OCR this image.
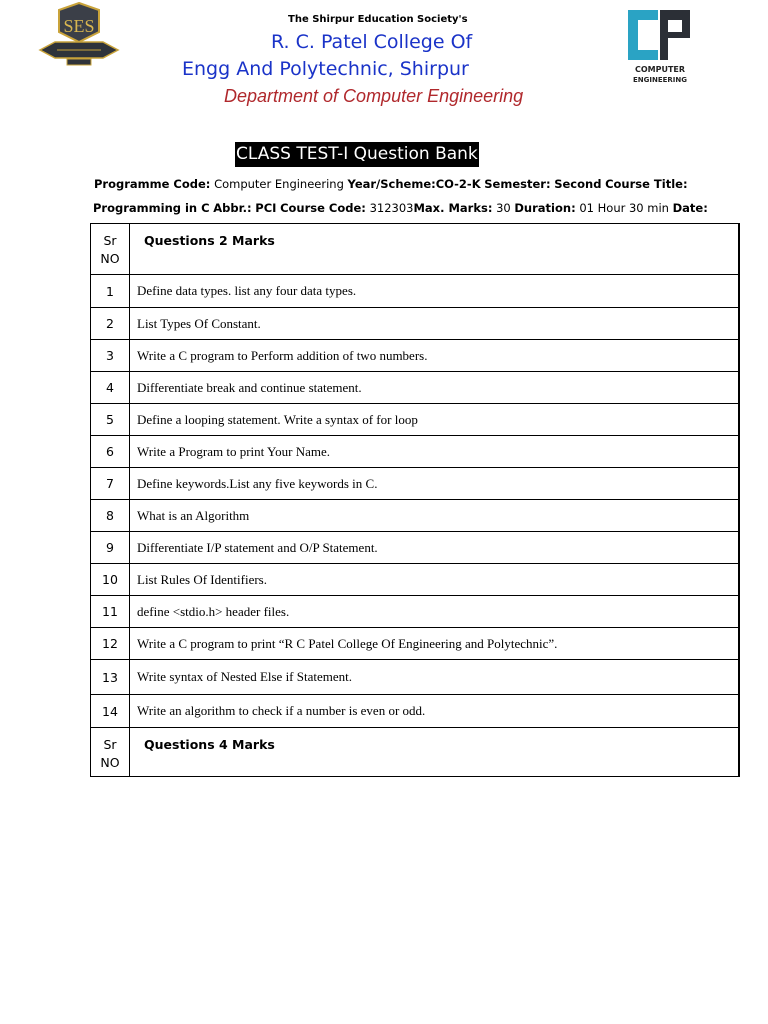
SES	The Shirpur Education Society's
R. C. Patel College Of
Engg And Polytechnic, Shirpur
Department of Computer Engineering
COMPUTER
ENGINEERING
CLASS TEST-I Question Bank
Programme Code: Computer Engineering Year/Scheme:CO-2-K Semester: Second Course Title:
Programming in C Abbr.: PCI Course Code: 312303Max. Marks: 30 Duration: 01 Hour 30 min Date:
Sr
NO	Questions 2 Marks
1	Define data types. list any four data types.
2	List Types Of Constant.
3	Write a C program to Perform addition of two numbers.
4	Differentiate break and continue statement.
5	Define a looping statement. Write a syntax of for loop
6	Write a Program to print Your Name.
7	Define keywords.List any five keywords in C.
8	What is an Algorithm
9	Differentiate I/P statement and O/P Statement.
10	List Rules Of Identifiers.
11	define <stdio.h> header files.
12	Write a C program to print “R C Patel College Of Engineering and Polytechnic”.
13	Write syntax of Nested Else if Statement.
14	Write an algorithm to check if a number is even or odd.

Sr
NO	Questions 4 Marks
